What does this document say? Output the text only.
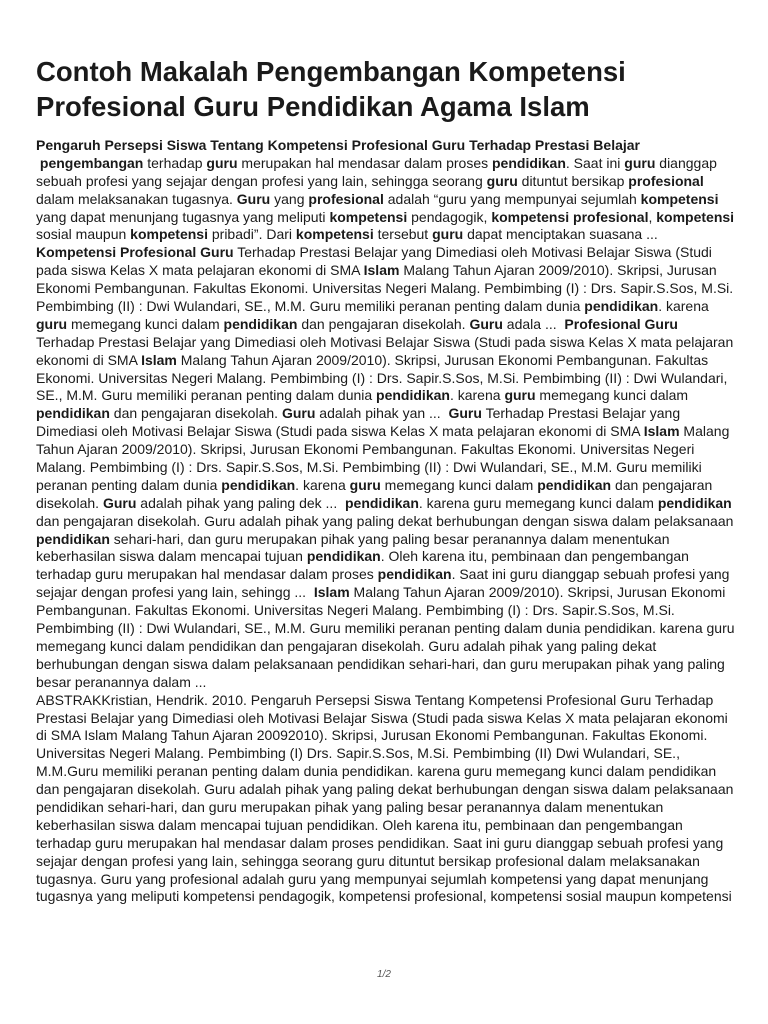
Contoh Makalah Pengembangan Kompetensi
Profesional Guru Pendidikan Agama Islam
Pengaruh Persepsi Siswa Tentang Kompetensi Profesional Guru Terhadap Prestasi Belajar
pengembangan terhadap guru merupakan hal mendasar dalam proses pendidikan. Saat ini guru dianggap
sebuah profesi yang sejajar dengan profesi yang lain, sehingga seorang guru dituntut bersikap profesional
dalam melaksanakan tugasnya. Guru yang profesional adalah “guru yang mempunyai sejumlah kompetensi
yang dapat menunjang tugasnya yang meliputi kompetensi pendagogik, kompetensi profesional, kompetensi
sosial maupun kompetensi pribadi”. Dari kompetensi tersebut guru dapat menciptakan suasana ...
Kompetensi Profesional Guru Terhadap Prestasi Belajar yang Dimediasi oleh Motivasi Belajar Siswa (Studi
pada siswa Kelas X mata pelajaran ekonomi di SMA Islam Malang Tahun Ajaran 2009/2010). Skripsi, Jurusan
Ekonomi Pembangunan. Fakultas Ekonomi. Universitas Negeri Malang. Pembimbing (I) : Drs. Sapir.S.Sos, M.Si.
Pembimbing (II) : Dwi Wulandari, SE., M.M. Guru memiliki peranan penting dalam dunia pendidikan. karena
guru memegang kunci dalam pendidikan dan pengajaran disekolah. Guru adala ...  Profesional Guru
Terhadap Prestasi Belajar yang Dimediasi oleh Motivasi Belajar Siswa (Studi pada siswa Kelas X mata pelajaran
ekonomi di SMA Islam Malang Tahun Ajaran 2009/2010). Skripsi, Jurusan Ekonomi Pembangunan. Fakultas
Ekonomi. Universitas Negeri Malang. Pembimbing (I) : Drs. Sapir.S.Sos, M.Si. Pembimbing (II) : Dwi Wulandari,
SE., M.M. Guru memiliki peranan penting dalam dunia pendidikan. karena guru memegang kunci dalam
pendidikan dan pengajaran disekolah. Guru adalah pihak yan ...  Guru Terhadap Prestasi Belajar yang
Dimediasi oleh Motivasi Belajar Siswa (Studi pada siswa Kelas X mata pelajaran ekonomi di SMA Islam Malang
Tahun Ajaran 2009/2010). Skripsi, Jurusan Ekonomi Pembangunan. Fakultas Ekonomi. Universitas Negeri
Malang. Pembimbing (I) : Drs. Sapir.S.Sos, M.Si. Pembimbing (II) : Dwi Wulandari, SE., M.M. Guru memiliki
peranan penting dalam dunia pendidikan. karena guru memegang kunci dalam pendidikan dan pengajaran
disekolah. Guru adalah pihak yang paling dek ...  pendidikan. karena guru memegang kunci dalam pendidikan
dan pengajaran disekolah. Guru adalah pihak yang paling dekat berhubungan dengan siswa dalam pelaksanaan
pendidikan sehari-hari, dan guru merupakan pihak yang paling besar peranannya dalam menentukan
keberhasilan siswa dalam mencapai tujuan pendidikan. Oleh karena itu, pembinaan dan pengembangan
terhadap guru merupakan hal mendasar dalam proses pendidikan. Saat ini guru dianggap sebuah profesi yang
sejajar dengan profesi yang lain, sehingg ...  Islam Malang Tahun Ajaran 2009/2010). Skripsi, Jurusan Ekonomi
Pembangunan. Fakultas Ekonomi. Universitas Negeri Malang. Pembimbing (I) : Drs. Sapir.S.Sos, M.Si.
Pembimbing (II) : Dwi Wulandari, SE., M.M. Guru memiliki peranan penting dalam dunia pendidikan. karena guru
memegang kunci dalam pendidikan dan pengajaran disekolah. Guru adalah pihak yang paling dekat
berhubungan dengan siswa dalam pelaksanaan pendidikan sehari-hari, dan guru merupakan pihak yang paling
besar peranannya dalam ...
ABSTRAKKristian, Hendrik. 2010. Pengaruh Persepsi Siswa Tentang Kompetensi Profesional Guru Terhadap
Prestasi Belajar yang Dimediasi oleh Motivasi Belajar Siswa (Studi pada siswa Kelas X mata pelajaran ekonomi
di SMA Islam Malang Tahun Ajaran 20092010). Skripsi, Jurusan Ekonomi Pembangunan. Fakultas Ekonomi.
Universitas Negeri Malang. Pembimbing (I) Drs. Sapir.S.Sos, M.Si. Pembimbing (II) Dwi Wulandari, SE.,
M.M.Guru memiliki peranan penting dalam dunia pendidikan. karena guru memegang kunci dalam pendidikan
dan pengajaran disekolah. Guru adalah pihak yang paling dekat berhubungan dengan siswa dalam pelaksanaan
pendidikan sehari-hari, dan guru merupakan pihak yang paling besar peranannya dalam menentukan
keberhasilan siswa dalam mencapai tujuan pendidikan. Oleh karena itu, pembinaan dan pengembangan
terhadap guru merupakan hal mendasar dalam proses pendidikan. Saat ini guru dianggap sebuah profesi yang
sejajar dengan profesi yang lain, sehingga seorang guru dituntut bersikap profesional dalam melaksanakan
tugasnya. Guru yang profesional adalah guru yang mempunyai sejumlah kompetensi yang dapat menunjang
tugasnya yang meliputi kompetensi pendagogik, kompetensi profesional, kompetensi sosial maupun kompetensi
1/2
